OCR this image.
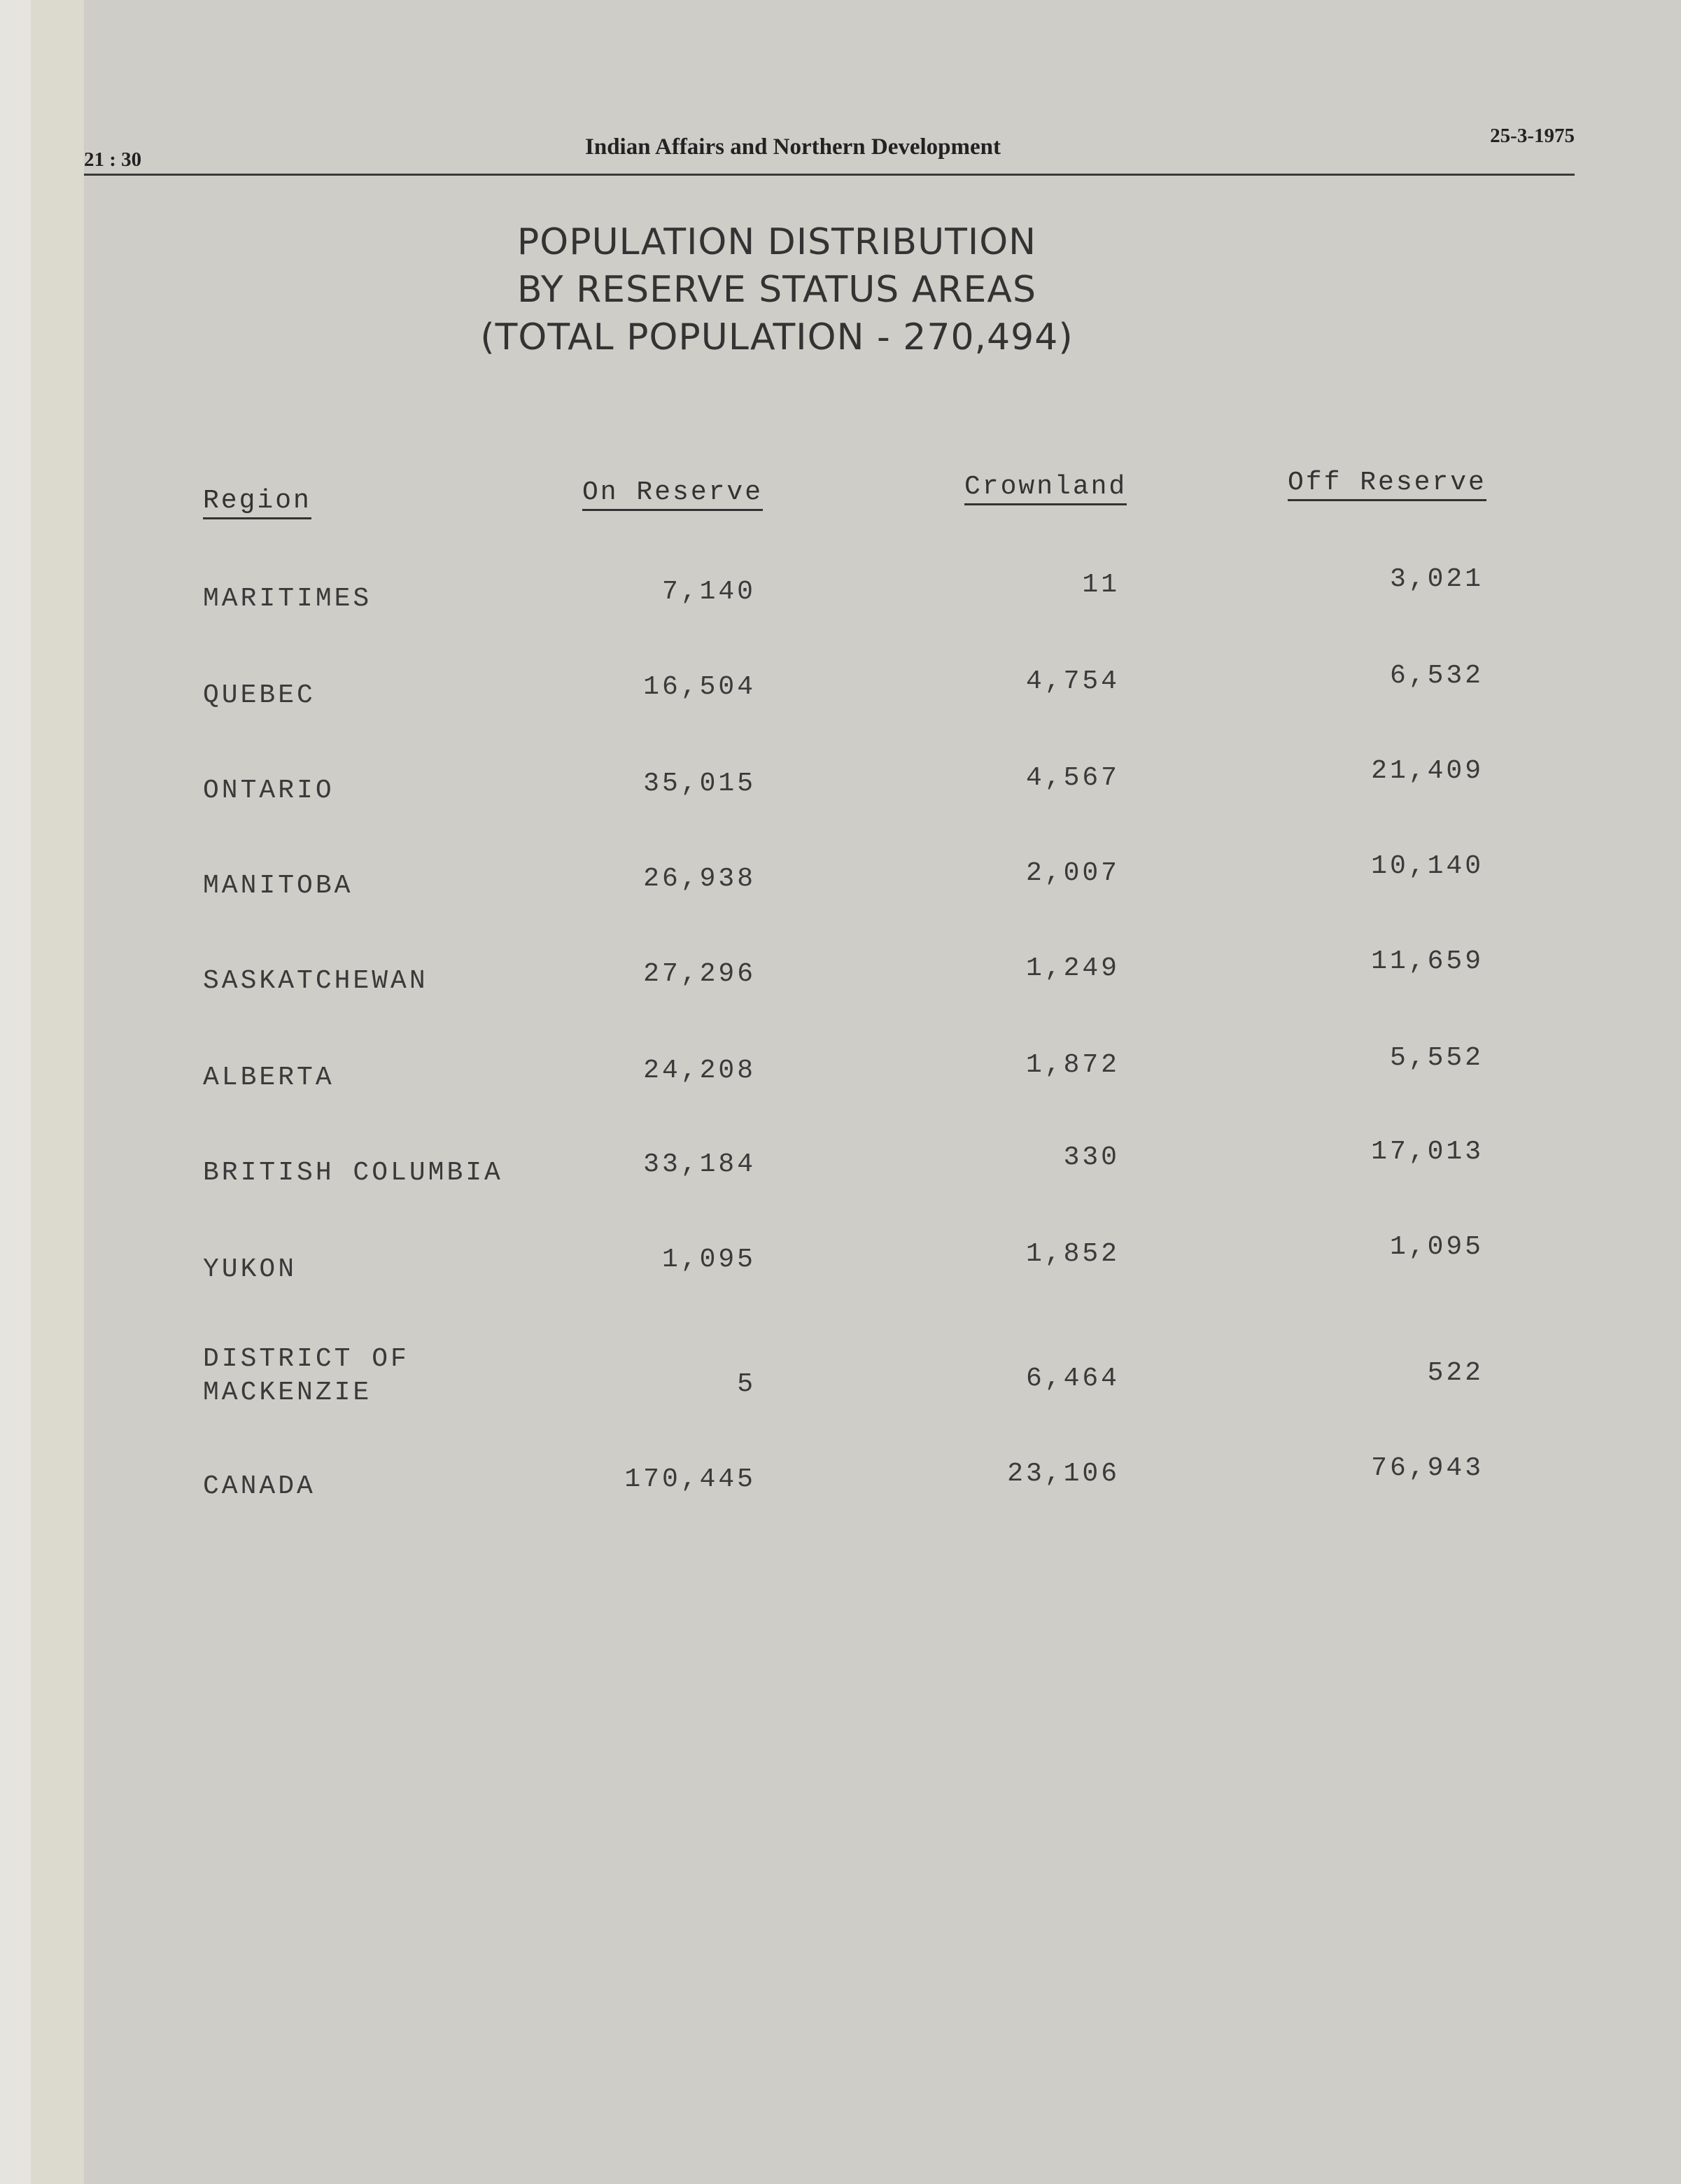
21 : 30	Indian Affairs and Northern Development	25-3-1975
POPULATION DISTRIBUTION
BY RESERVE STATUS AREAS
(TOTAL POPULATION - 270,494)
Region	On Reserve	Crownland	Off Reserve
MARITIMES	7,140	11	3,021
QUEBEC	16,504	4,754	6,532
ONTARIO	35,015	4,567	21,409
MANITOBA	26,938	2,007	10,140
SASKATCHEWAN	27,296	1,249	11,659
ALBERTA	24,208	1,872	5,552
BRITISH COLUMBIA	33,184	330	17,013
YUKON	1,095	1,852	1,095
DISTRICT OF
MACKENZIE	5	6,464	522
CANADA	170,445	23,106	76,943
